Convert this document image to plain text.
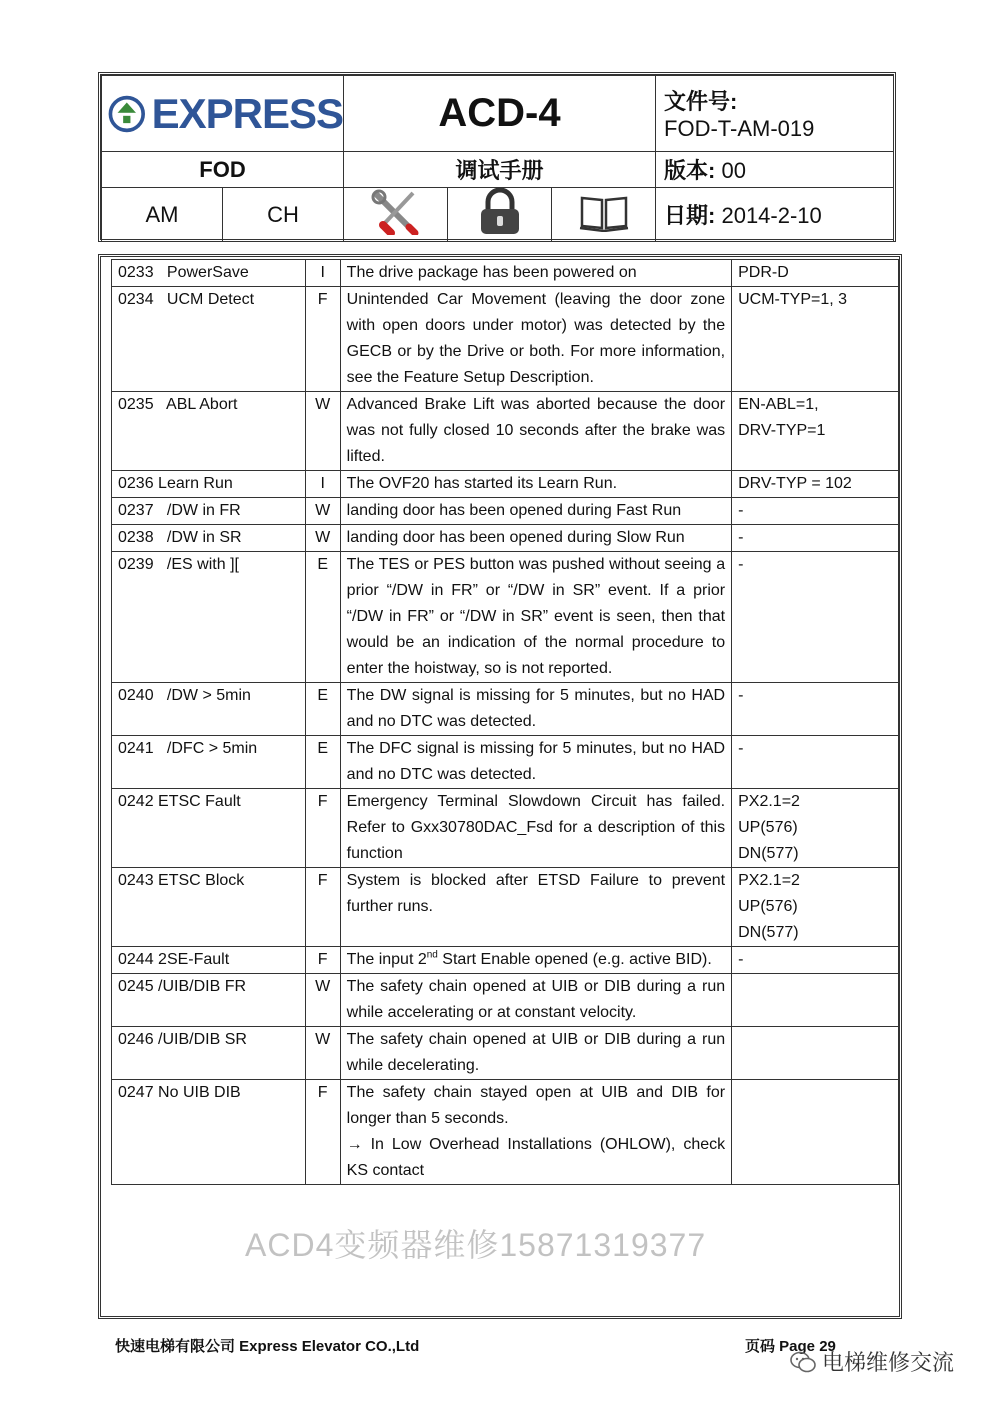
EXPRESS		ACD-4			文件号:
FOD-T-AM-019

FOD		调试手册			版本: 00
AM	CH				日期: 2014-2-10
0233   PowerSave	I	The drive package has been powered on	PDR-D
0234   UCM Detect	F	Unintended Car Movement (leaving the door zone with open doors under motor) was detected by the GECB or by the Drive or both. For more information, see the Feature Setup Description.	UCM-TYP=1, 3
0235   ABL Abort	W	Advanced Brake Lift was aborted because the door was not fully closed 10 seconds after the brake was lifted.	EN-ABL=1,
DRV-TYP=1
0236 Learn Run	I	The OVF20 has started its Learn Run.	DRV-TYP = 102
0237   /DW in FR	W	landing door has been opened during Fast Run	-
0238   /DW in SR	W	landing door has been opened during Slow Run	-
0239   /ES with ][	E	The TES or PES button was pushed without seeing a prior “/DW in FR” or “/DW in SR” event. If a prior “/DW in FR” or “/DW in SR” event is seen, then that would be an indication of the normal procedure to enter the hoistway, so is not reported.	-
0240   /DW > 5min	E	The DW signal is missing for 5 minutes, but no HAD and no DTC was detected.	-
0241   /DFC > 5min	E	The DFC signal is missing for 5 minutes, but no HAD and no DTC was detected.	-
0242 ETSC Fault	F	Emergency Terminal Slowdown Circuit has failed. Refer to Gxx30780DAC_Fsd for a description of this function	PX2.1=2
UP(576)
DN(577)
0243 ETSC Block	F	System is blocked after ETSD Failure to prevent further runs.	PX2.1=2
UP(576)
DN(577)
0244 2SE-Fault	F	The input 2nd Start Enable opened (e.g. active BID).	-
0245 /UIB/DIB FR	W	The safety chain opened at UIB or DIB during a run while accelerating or at constant velocity.	
0246 /UIB/DIB SR	W	The safety chain opened at UIB or DIB during a run while decelerating.	
0247 No UIB DIB	F	The safety chain stayed open at UIB and DIB for longer than 5 seconds.
→ In Low Overhead Installations (OHLOW), check KS contact	
ACD4变频器维修15871319377
快速电梯有限公司 Express Elevator CO.,Ltd	页码 Page 29
电梯维修交流
